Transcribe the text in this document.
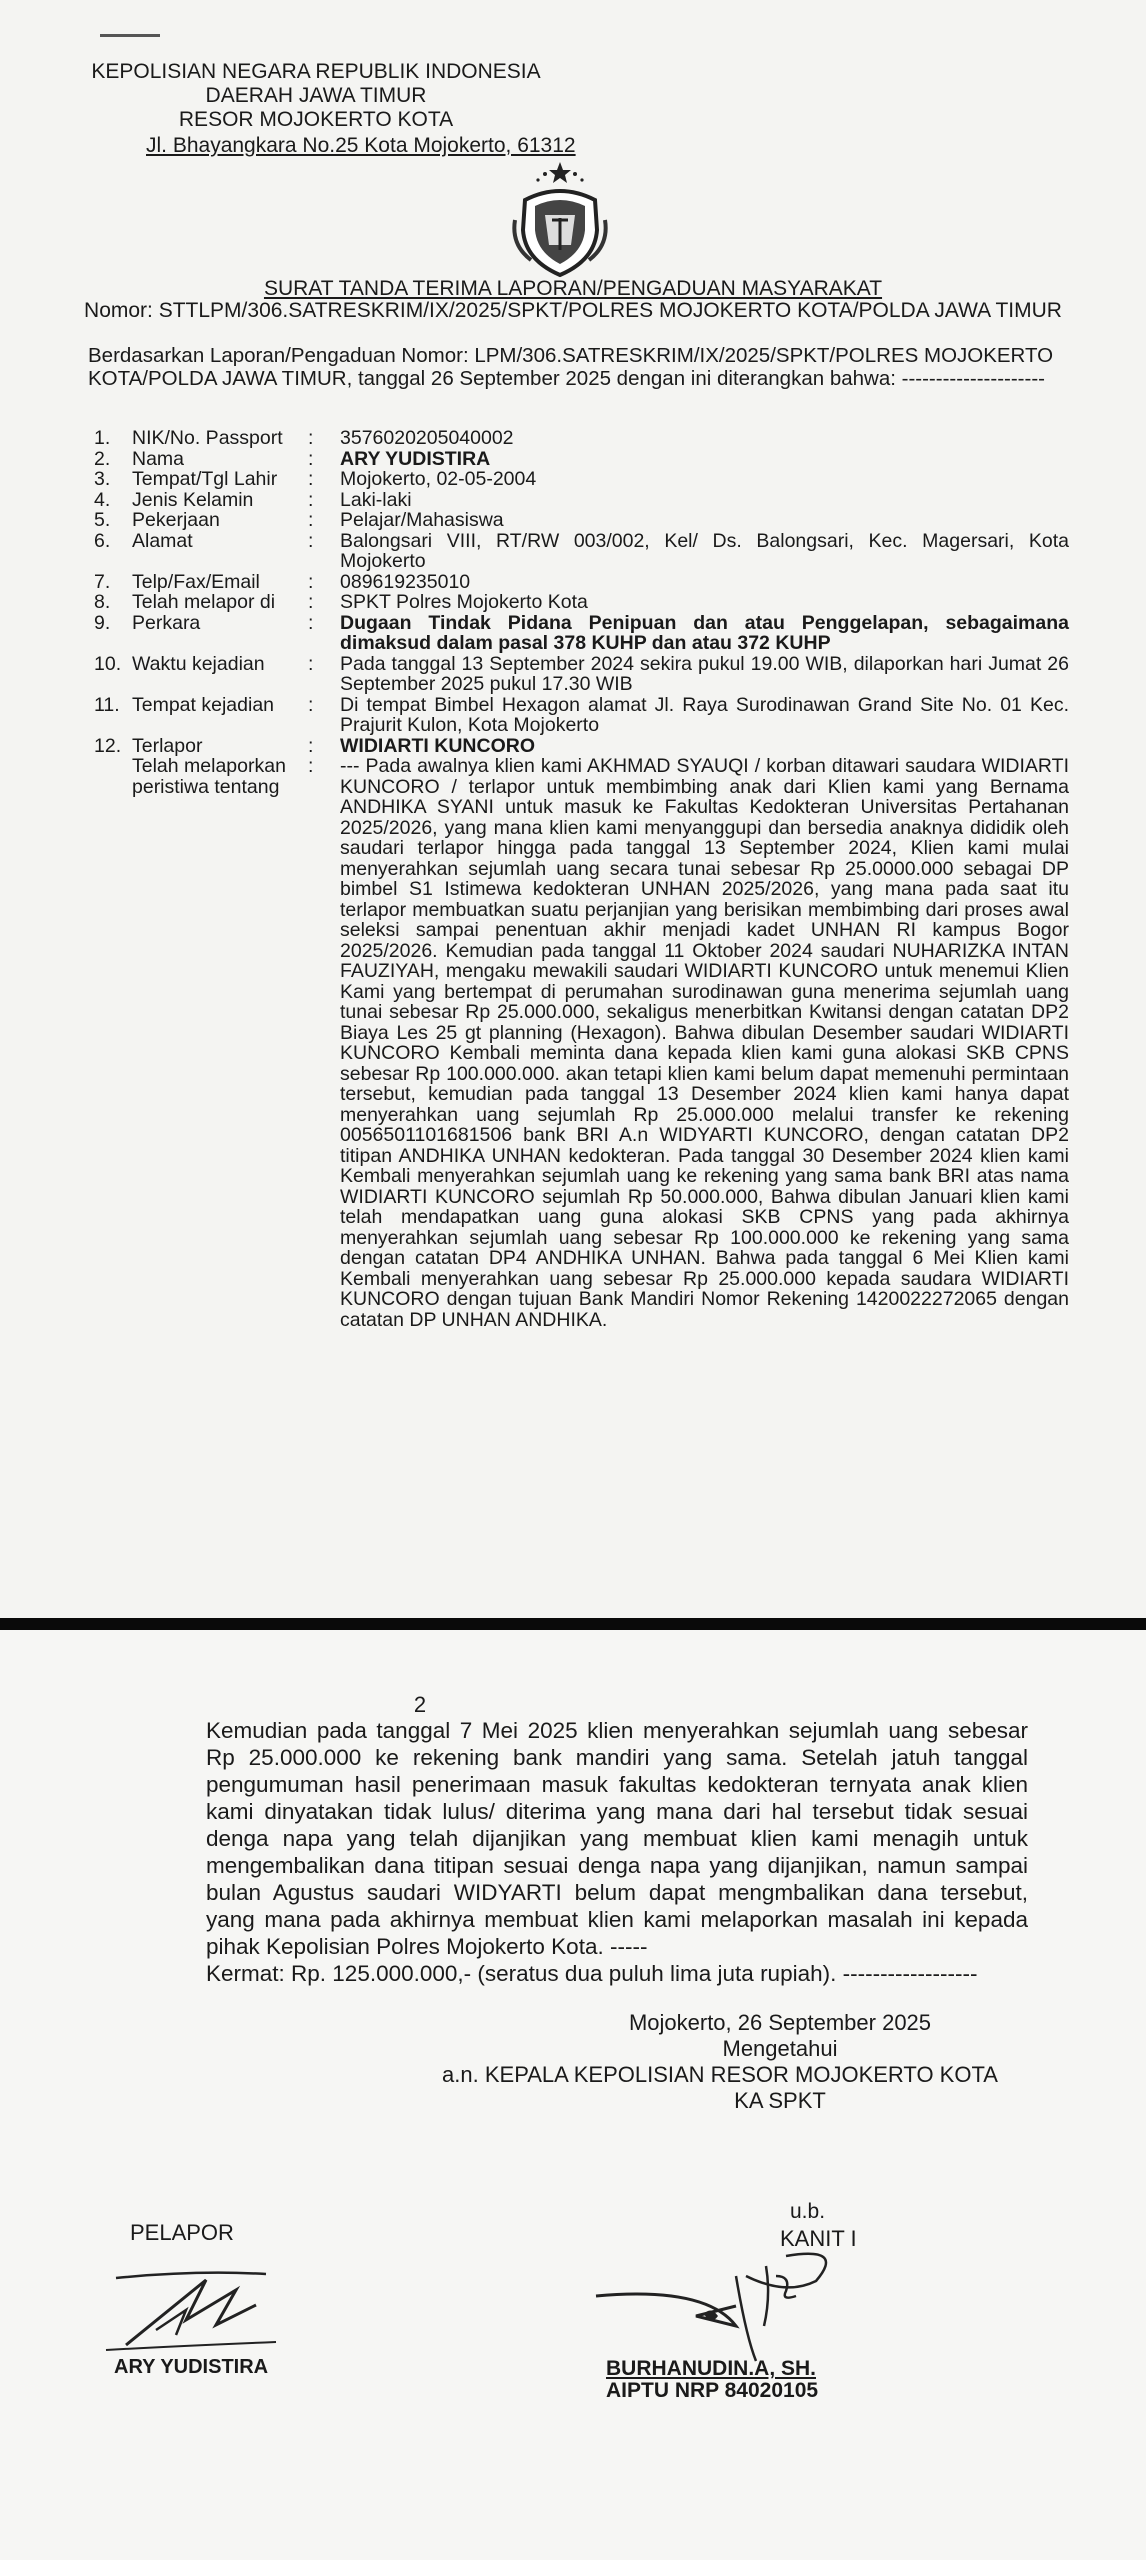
KEPOLISIAN NEGARA REPUBLIK INDONESIA
DAERAH JAWA TIMUR
RESOR MOJOKERTO KOTA
Jl. Bhayangkara No.25 Kota Mojokerto, 61312
SURAT TANDA TERIMA LAPORAN/PENGADUAN MASYARAKAT
Nomor: STTLPM/306.SATRESKRIM/IX/2025/SPKT/POLRES MOJOKERTO KOTA/POLDA JAWA TIMUR

Berdasarkan Laporan/Pengaduan Nomor: LPM/306.SATRESKRIM/IX/2025/SPKT/POLRES MOJOKERTO KOTA/POLDA JAWA TIMUR, tanggal 26 September 2025 dengan ini diterangkan bahwa: ---------------------

1.	NIK/No. Passport	:	3576020205040002
2.	Nama	:	ARY YUDISTIRA
3.	Tempat/Tgl Lahir	:	Mojokerto, 02-05-2004
4.	Jenis Kelamin	:	Laki-laki
5.	Pekerjaan	:	Pelajar/Mahasiswa
6.	Alamat	:	Balongsari VIII, RT/RW 003/002, Kel/ Ds. Balongsari, Kec. Magersari, Kota Mojokerto
7.	Telp/Fax/Email	:	089619235010
8.	Telah melapor di	:	SPKT Polres Mojokerto Kota
9.	Perkara	:	Dugaan Tindak Pidana Penipuan dan atau Penggelapan, sebagaimana dimaksud dalam pasal 378 KUHP dan atau 372 KUHP
10.	Waktu kejadian	:	Pada tanggal 13 September 2024 sekira pukul 19.00 WIB, dilaporkan hari Jumat 26 September 2025 pukul 17.30 WIB
11.	Tempat kejadian	:	Di tempat Bimbel Hexagon alamat Jl. Raya Surodinawan Grand Site No. 01 Kec. Prajurit Kulon, Kota Mojokerto
12.	Terlapor	:	WIDIARTI KUNCORO
	Telah melaporkan
peristiwa tentang	:	--- Pada awalnya klien kami AKHMAD SYAUQI / korban ditawari saudara WIDIARTI KUNCORO / terlapor untuk membimbing anak dari Klien kami yang Bernama ANDHIKA SYANI untuk masuk ke Fakultas Kedokteran Universitas Pertahanan 2025/2026, yang mana klien kami menyanggupi dan bersedia anaknya dididik oleh saudari terlapor hingga pada tanggal 13 September 2024, Klien kami mulai menyerahkan sejumlah uang secara tunai sebesar Rp 25.0000.000 sebagai DP bimbel S1 Istimewa kedokteran UNHAN 2025/2026, yang mana pada saat itu terlapor membuatkan suatu perjanjian yang berisikan membimbing dari proses awal seleksi sampai penentuan akhir menjadi kadet UNHAN RI kampus Bogor 2025/2026. Kemudian pada tanggal 11 Oktober 2024 saudari NUHARIZKA INTAN FAUZIYAH, mengaku mewakili saudari WIDIARTI KUNCORO untuk menemui Klien Kami yang bertempat di perumahan surodinawan guna menerima sejumlah uang tunai sebesar Rp 25.000.000, sekaligus menerbitkan Kwitansi dengan catatan DP2 Biaya Les 25 gt planning (Hexagon). Bahwa dibulan Desember saudari WIDIARTI KUNCORO Kembali meminta dana kepada klien kami guna alokasi SKB CPNS sebesar Rp 100.000.000. akan tetapi klien kami belum dapat memenuhi permintaan tersebut, kemudian pada tanggal 13 Desember 2024 klien kami hanya dapat menyerahkan uang sejumlah Rp 25.000.000 melalui transfer ke rekening 0056501101681506 bank BRI A.n WIDYARTI KUNCORO, dengan catatan DP2 titipan ANDHIKA UNHAN kedokteran. Pada tanggal 30 Desember 2024 klien kami Kembali menyerahkan sejumlah uang ke rekening yang sama bank BRI atas nama WIDIARTI KUNCORO sejumlah Rp 50.000.000, Bahwa dibulan Januari klien kami telah mendapatkan uang guna alokasi SKB CPNS yang pada akhirnya menyerahkan sejumlah uang sebesar Rp 100.000.000 ke rekening yang sama dengan catatan DP4 ANDHIKA UNHAN. Bahwa pada tanggal 6 Mei Klien kami Kembali menyerahkan uang sebesar Rp 25.000.000 kepada saudara WIDIARTI KUNCORO dengan tujuan Bank Mandiri Nomor Rekening 1420022272065 dengan catatan DP UNHAN ANDHIKA.
2

Kemudian pada tanggal 7 Mei 2025 klien menyerahkan sejumlah uang sebesar Rp 25.000.000 ke rekening bank mandiri yang sama. Setelah jatuh tanggal pengumuman hasil penerimaan masuk fakultas kedokteran ternyata anak klien kami dinyatakan tidak lulus/ diterima yang mana dari hal tersebut tidak sesuai denga napa yang telah dijanjikan yang membuat klien kami menagih untuk mengembalikan dana titipan sesuai denga napa yang dijanjikan, namun sampai bulan Agustus saudari WIDYARTI belum dapat mengmbalikan dana tersebut, yang mana pada akhirnya membuat klien kami melaporkan masalah ini kepada pihak Kepolisian Polres Mojokerto Kota. -----

Kermat: Rp. 125.000.000,- (seratus dua puluh lima juta rupiah). ------------------

Mojokerto, 26 September 2025
Mengetahui
a.n. KEPALA KEPOLISIAN RESOR MOJOKERTO KOTA
KA SPKT
PELAPOR
u.b.
KANIT I
ARY YUDISTIRA	BURHANUDIN.A, SH.
AIPTU NRP 84020105
